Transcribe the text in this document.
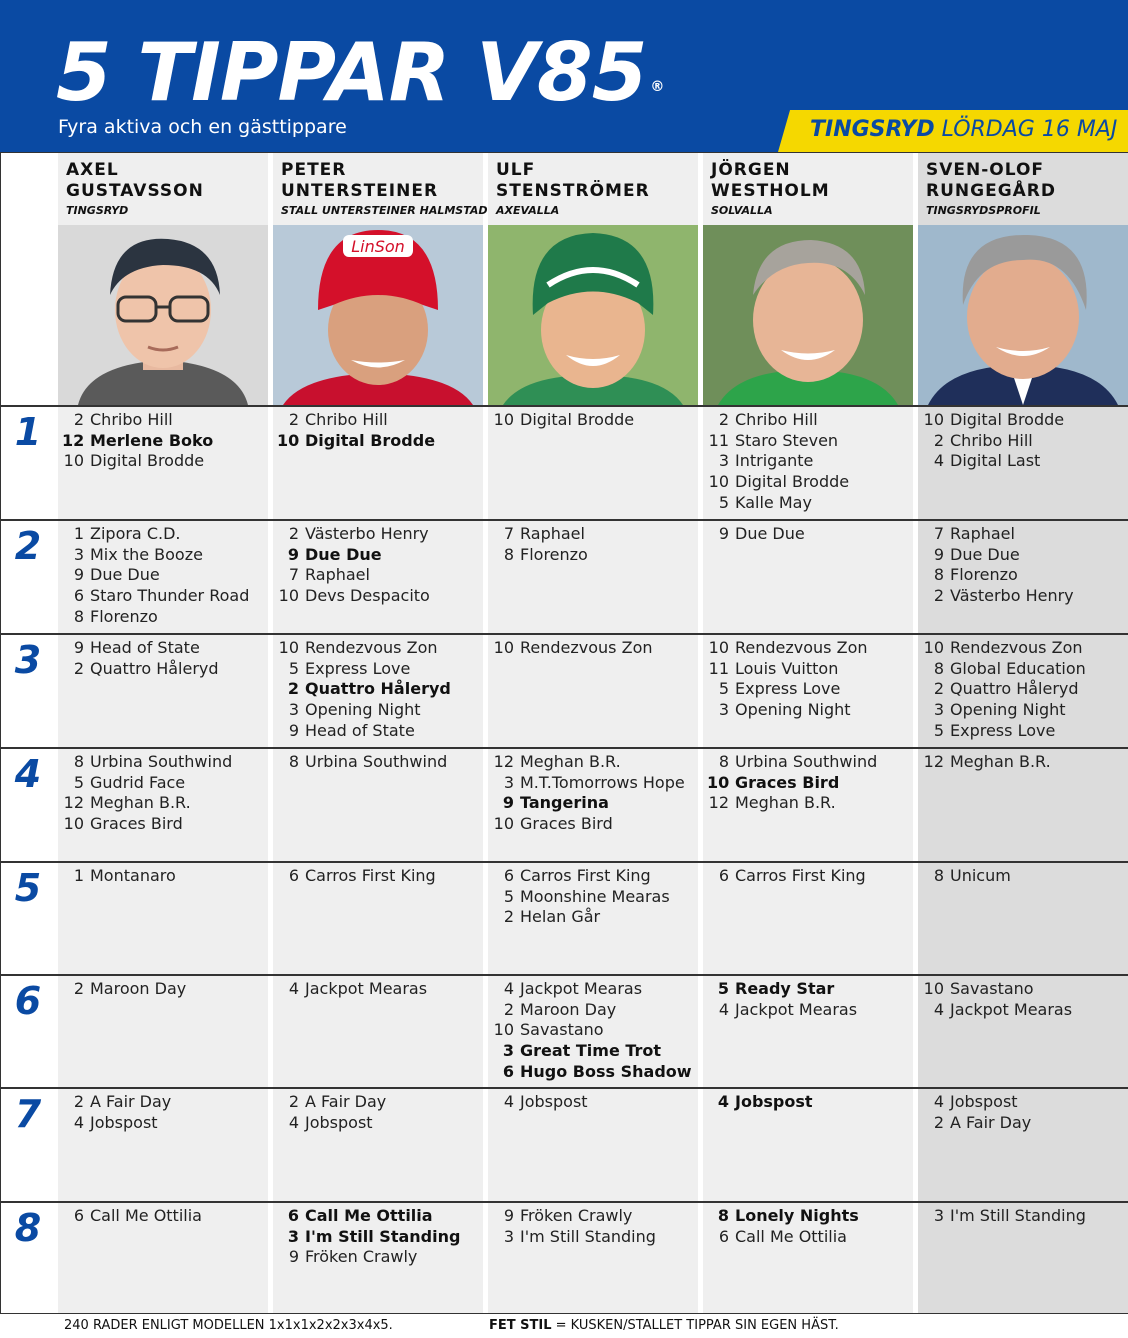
5 TIPPAR V85 ®
Fyra aktiva och en gästtippare	TINGSRYD LÖRDAG 16 MAJ
AXEL
GUSTAVSSON
TINGSRYD
PETER
UNTERSTEINER
STALL UNTERSTEINER HALMSTAD
LinSon
ULF
STENSTRÖMER
AXEVALLA
JÖRGEN
WESTHOLM
SOLVALLA
SVEN-OLOF
RUNGEGÅRD
TINGSRYDSPROFIL
1
2
3
4
5
6
7
8
2 Chribo Hill
12 Merlene Boko
10 Digital Brodde
1 Zipora C.D.
3 Mix the Booze
9 Due Due
6 Staro Thunder Road
8 Florenzo
9 Head of State
2 Quattro Håleryd
8 Urbina Southwind
5 Gudrid Face
12 Meghan B.R.
10 Graces Bird
1 Montanaro
2 Maroon Day
2 A Fair Day
4 Jobspost
6 Call Me Ottilia
2 Chribo Hill
10 Digital Brodde
2 Västerbo Henry
9 Due Due
7 Raphael
10 Devs Despacito
10 Rendezvous Zon
5 Express Love
2 Quattro Håleryd
3 Opening Night
9 Head of State
8 Urbina Southwind
6 Carros First King
4 Jackpot Mearas
2 A Fair Day
4 Jobspost
6 Call Me Ottilia
3 I'm Still Standing
9 Fröken Crawly
10 Digital Brodde
7 Raphael
8 Florenzo
10 Rendezvous Zon
12 Meghan B.R.
3 M.T.Tomorrows Hope
9 Tangerina
10 Graces Bird
6 Carros First King
5 Moonshine Mearas
2 Helan Går
4 Jackpot Mearas
2 Maroon Day
10 Savastano
3 Great Time Trot
6 Hugo Boss Shadow
4 Jobspost
9 Fröken Crawly
3 I'm Still Standing
2 Chribo Hill
11 Staro Steven
3 Intrigante
10 Digital Brodde
5 Kalle May
9 Due Due
10 Rendezvous Zon
11 Louis Vuitton
5 Express Love
3 Opening Night
8 Urbina Southwind
10 Graces Bird
12 Meghan B.R.
6 Carros First King
5 Ready Star
4 Jackpot Mearas
4 Jobspost
8 Lonely Nights
6 Call Me Ottilia
10 Digital Brodde
2 Chribo Hill
4 Digital Last
7 Raphael
9 Due Due
8 Florenzo
2 Västerbo Henry
10 Rendezvous Zon
8 Global Education
2 Quattro Håleryd
3 Opening Night
5 Express Love
12 Meghan B.R.
8 Unicum
10 Savastano
4 Jackpot Mearas
4 Jobspost
2 A Fair Day
3 I'm Still Standing
240 RADER ENLIGT MODELLEN 1x1x1x2x2x3x4x5.	FET STIL = KUSKEN/STALLET TIPPAR SIN EGEN HÄST.
